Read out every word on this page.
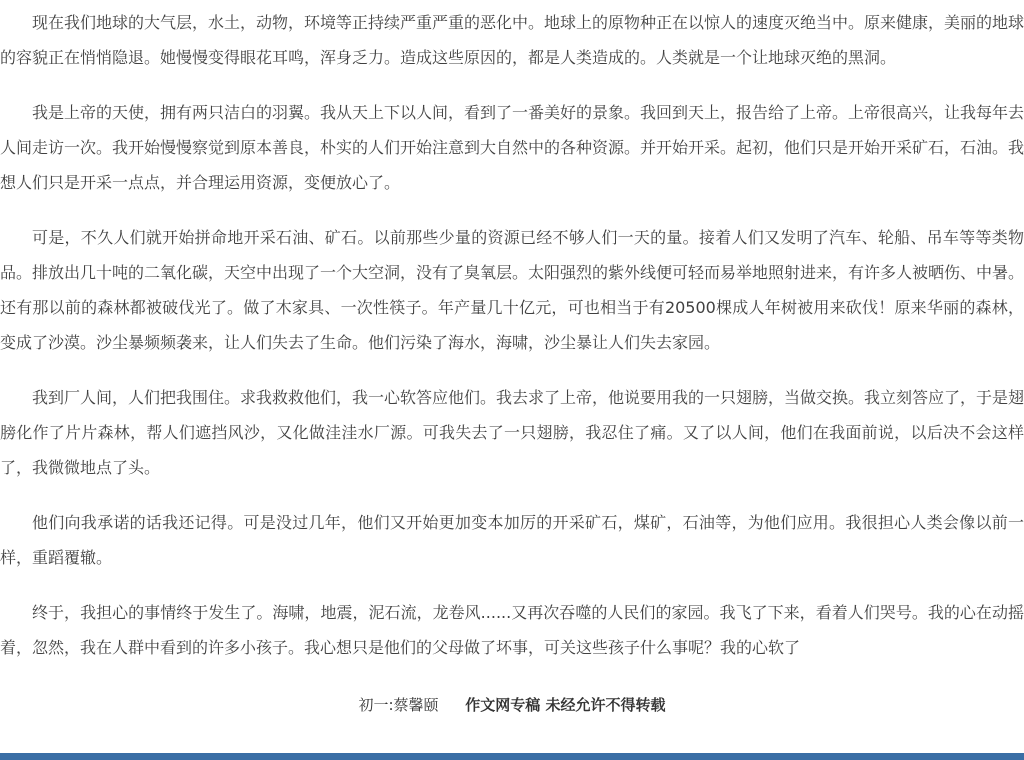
现在我们地球的大气层，水土，动物，环境等正持续严重严重的恶化中。地球上的原物种正在以惊人的速度灭绝当中。原来健康，美丽的地球的容貌正在悄悄隐退。她慢慢变得眼花耳鸣，浑身乏力。造成这些原因的，都是人类造成的。人类就是一个让地球灭绝的黑洞。

我是上帝的天使，拥有两只洁白的羽翼。我从天上下以人间，看到了一番美好的景象。我回到天上，报告给了上帝。上帝很高兴，让我每年去人间走访一次。我开始慢慢察觉到原本善良，朴实的人们开始注意到大自然中的各种资源。并开始开采。起初，他们只是开始开采矿石，石油。我想人们只是开采一点点，并合理运用资源，变便放心了。

可是，不久人们就开始拼命地开采石油、矿石。以前那些少量的资源已经不够人们一天的量。接着人们又发明了汽车、轮船、吊车等等类物品。排放出几十吨的二氧化碳，天空中出现了一个大空洞，没有了臭氧层。太阳强烈的紫外线便可轻而易举地照射进来，有许多人被晒伤、中暑。还有那以前的森林都被破伐光了。做了木家具、一次性筷子。年产量几十亿元，可也相当于有20500棵成人年树被用来砍伐！原来华丽的森林，变成了沙漠。沙尘暴频频袭来，让人们失去了生命。他们污染了海水，海啸，沙尘暴让人们失去家园。

我到厂人间，人们把我围住。求我救救他们，我一心软答应他们。我去求了上帝，他说要用我的一只翅膀，当做交换。我立刻答应了，于是翅膀化作了片片森林，帮人们遮挡风沙，又化做洼洼水厂源。可我失去了一只翅膀，我忍住了痛。又了以人间，他们在我面前说，以后决不会这样了，我微微地点了头。

他们向我承诺的话我还记得。可是没过几年，他们又开始更加变本加厉的开采矿石，煤矿，石油等，为他们应用。我很担心人类会像以前一样，重蹈覆辙。

终于，我担心的事情终于发生了。海啸，地震，泥石流，龙卷风......又再次吞噬的人民们的家园。我飞了下来，看着人们哭号。我的心在动摇着，忽然，我在人群中看到的许多小孩子。我心想只是他们的父母做了坏事，可关这些孩子什么事呢？我的心软了

初一:蔡馨颐 作文网专稿 未经允许不得转载
